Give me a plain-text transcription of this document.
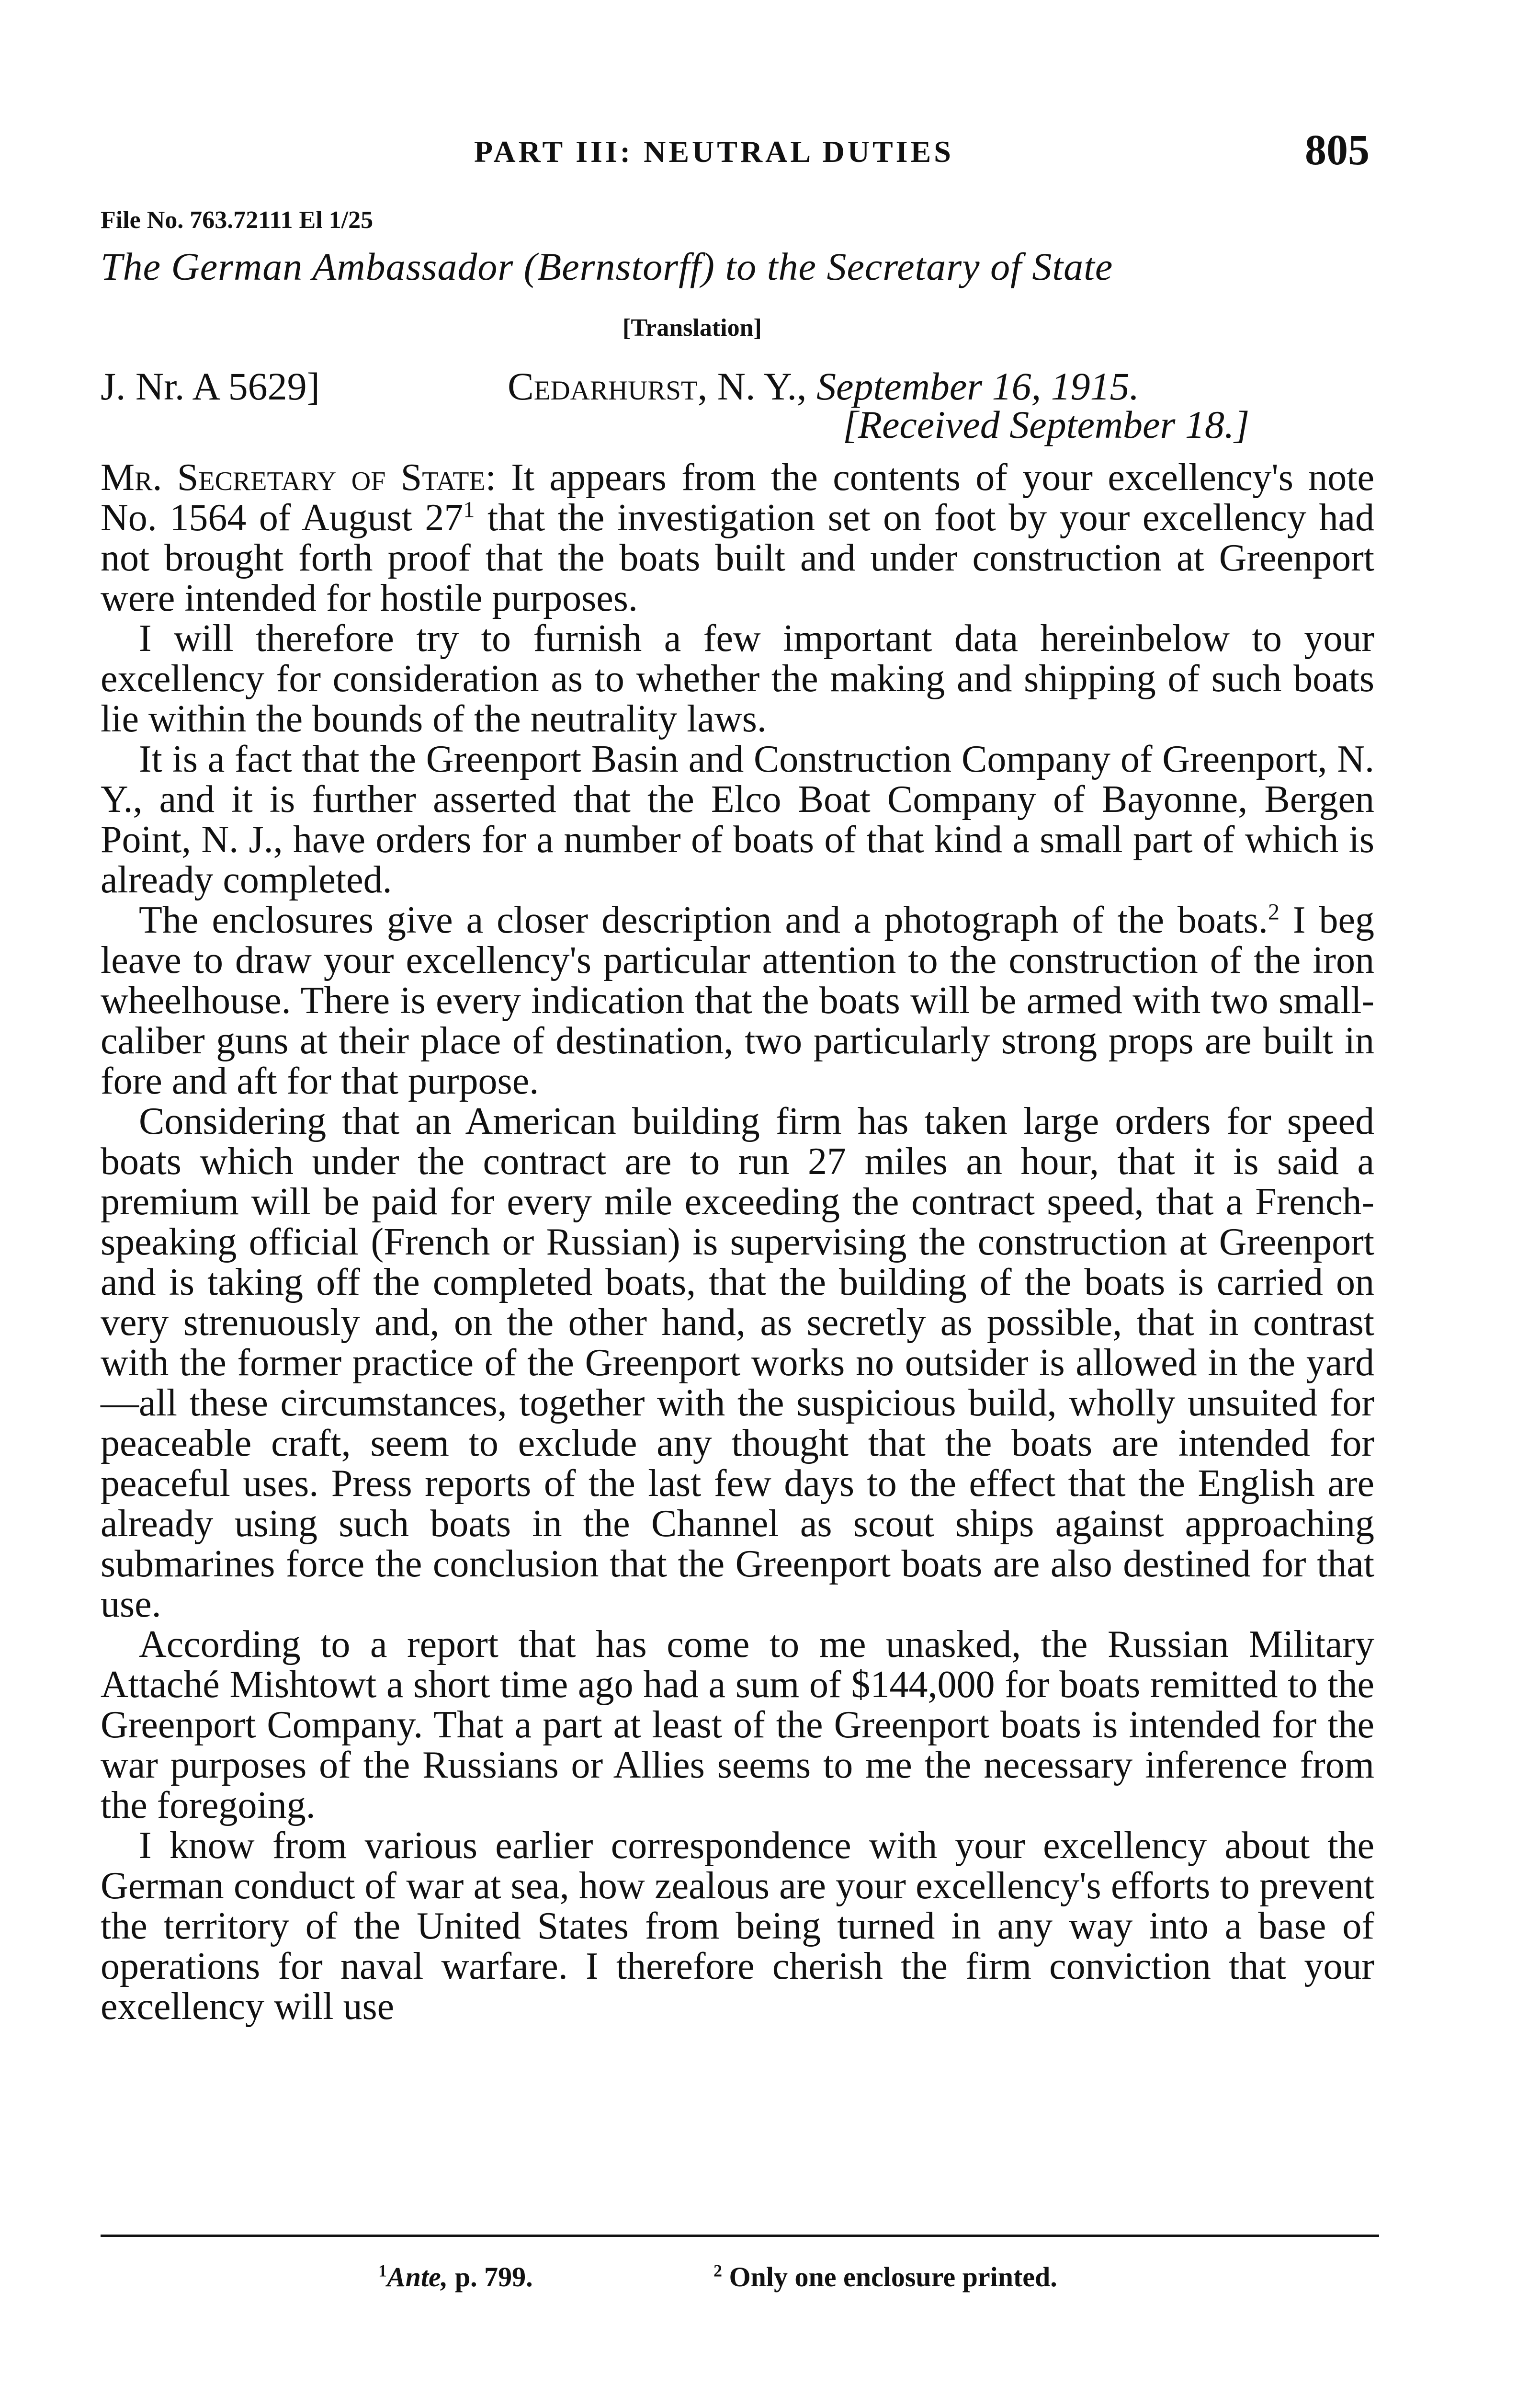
PART III: NEUTRAL DUTIES	805
File No. 763.72111 El 1/25
The German Ambassador (Bernstorff) to the Secretary of State
[Translation]
J. Nr. A 5629]	Cedarhurst, N. Y., September 16, 1915.
[Received September 18.]

Mr. Secretary of State: It appears from the contents of your excellency's note No. 1564 of August 27$^1$ that the investigation set on foot by your excellency had not brought forth proof that the boats built and under construction at Greenport were intended for hostile purposes.

I will therefore try to furnish a few important data hereinbelow to your excellency for consideration as to whether the making and shipping of such boats lie within the bounds of the neutrality laws.

It is a fact that the Greenport Basin and Construction Company of Greenport, N. Y., and it is further asserted that the Elco Boat Company of Bayonne, Bergen Point, N. J., have orders for a number of boats of that kind a small part of which is already completed.

The enclosures give a closer description and a photograph of the boats.$^2$ I beg leave to draw your excellency's particular attention to the construction of the iron wheelhouse. There is every indication that the boats will be armed with two small-caliber guns at their place of destination, two particularly strong props are built in fore and aft for that purpose.

Considering that an American building firm has taken large orders for speed boats which under the contract are to run 27 miles an hour, that it is said a premium will be paid for every mile exceeding the contract speed, that a French-speaking official (French or Russian) is supervising the construction at Greenport and is taking off the completed boats, that the building of the boats is carried on very strenuously and, on the other hand, as secretly as possible, that in contrast with the former practice of the Greenport works no outsider is allowed in the yard—all these circumstances, together with the suspicious build, wholly unsuited for peaceable craft, seem to exclude any thought that the boats are intended for peaceful uses. Press reports of the last few days to the effect that the English are already using such boats in the Channel as scout ships against approaching submarines force the conclusion that the Greenport boats are also destined for that use.

According to a report that has come to me unasked, the Russian Military Attaché Mishtowt a short time ago had a sum of $144,000 for boats remitted to the Greenport Company. That a part at least of the Greenport boats is intended for the war purposes of the Russians or Allies seems to me the necessary inference from the foregoing.

I know from various earlier correspondence with your excellency about the German conduct of war at sea, how zealous are your excellency's efforts to prevent the territory of the United States from being turned in any way into a base of operations for naval warfare. I therefore cherish the firm conviction that your excellency will use

$^1$Ante, p. 799.	$^2$ Only one enclosure printed.
